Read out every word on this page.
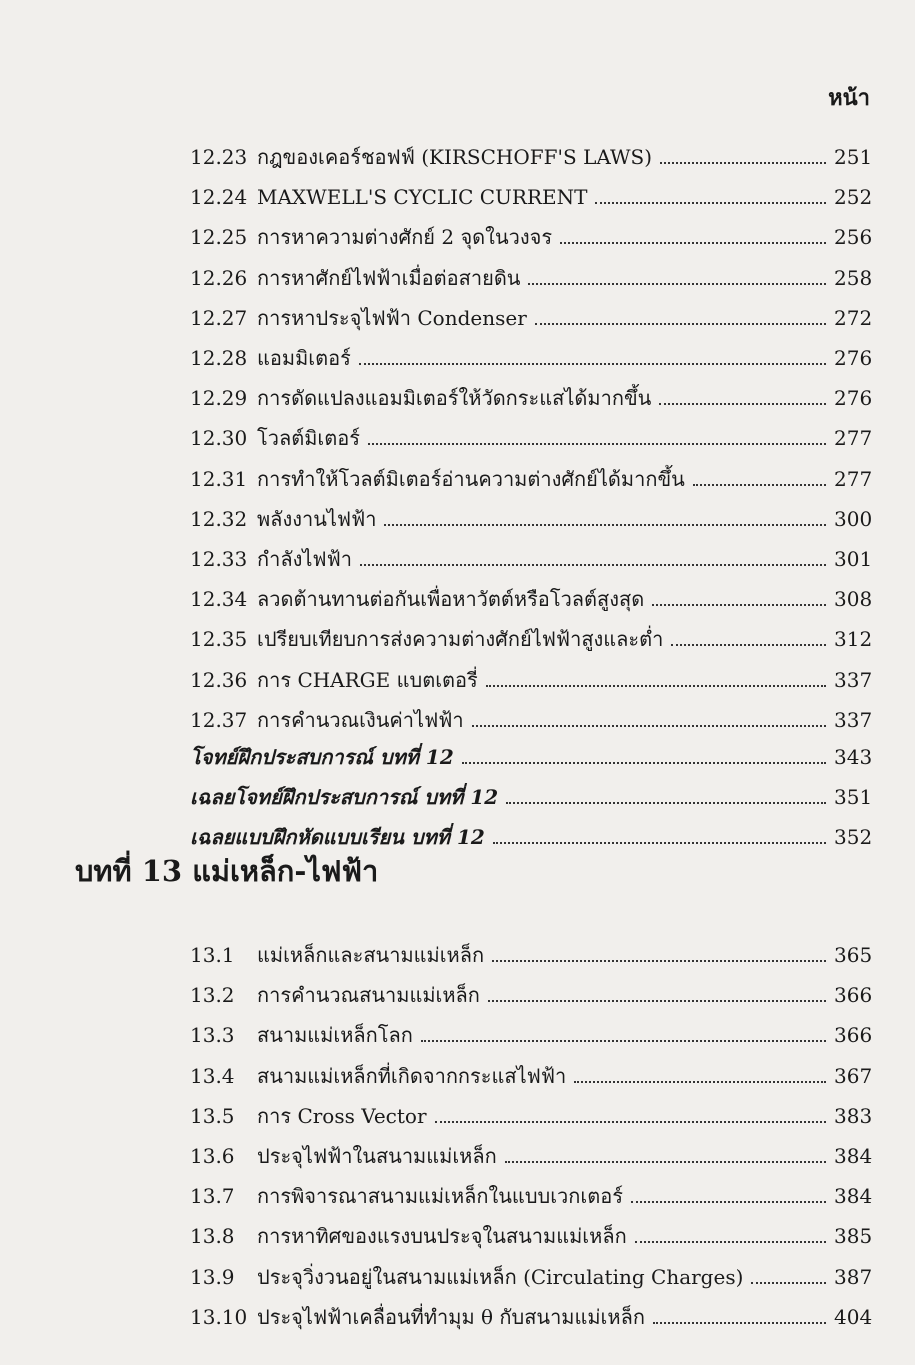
หน้า
12.23 กฎของเคอร์ชอฟฟ์ (KIRSCHOFF'S LAWS)	251
12.24 MAXWELL'S CYCLIC CURRENT	252
12.25 การหาความต่างศักย์ 2 จุดในวงจร	256
12.26 การหาศักย์ไฟฟ้าเมื่อต่อสายดิน	258
12.27 การหาประจุไฟฟ้า Condenser	272
12.28 แอมมิเตอร์	276
12.29 การดัดแปลงแอมมิเตอร์ให้วัดกระแสได้มากขึ้น	276
12.30 โวลต์มิเตอร์	277
12.31 การทำให้โวลต์มิเตอร์อ่านความต่างศักย์ได้มากขึ้น	277
12.32 พลังงานไฟฟ้า	300
12.33 กำลังไฟฟ้า	301
12.34 ลวดต้านทานต่อกันเพื่อหาวัตต์หรือโวลต์สูงสุด	308
12.35 เปรียบเทียบการส่งความต่างศักย์ไฟฟ้าสูงและต่ำ	312
12.36 การ CHARGE แบตเตอรี่	337
12.37 การคำนวณเงินค่าไฟฟ้า	337
โจทย์ฝึกประสบการณ์ บทที่ 12	343
เฉลยโจทย์ฝึกประสบการณ์ บทที่ 12	351
เฉลยแบบฝึกหัดแบบเรียน บทที่ 12	352
บทที่ 13 แม่เหล็ก-ไฟฟ้า
13.1	แม่เหล็กและสนามแม่เหล็ก	365
13.2	การคำนวณสนามแม่เหล็ก	366
13.3	สนามแม่เหล็กโลก	366
13.4	สนามแม่เหล็กที่เกิดจากกระแสไฟฟ้า	367
13.5	การ Cross Vector	383
13.6	ประจุไฟฟ้าในสนามแม่เหล็ก	384
13.7	การพิจารณาสนามแม่เหล็กในแบบเวกเตอร์	384
13.8	การหาทิศของแรงบนประจุในสนามแม่เหล็ก	385
13.9	ประจุวิ่งวนอยู่ในสนามแม่เหล็ก (Circulating Charges)	387
13.10 ประจุไฟฟ้าเคลื่อนที่ทำมุม θ กับสนามแม่เหล็ก	404
